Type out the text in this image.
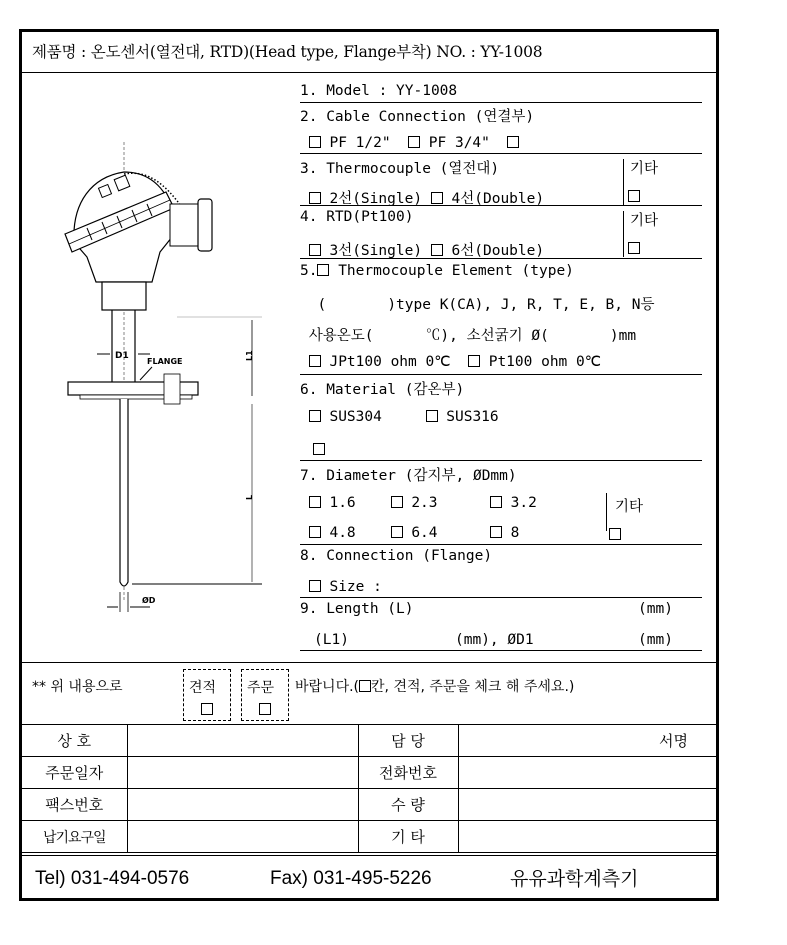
제품명 : 온도센서(열전대, RTD)(Head type, Flange부착) NO. : YY-1008
D1
FLANGE
L1
L
ØD
1. Model : YY-1008
2. Cable Connection (연결부)
PF 1/2"	PF 3/4"
3. Thermocouple (열전대)	기타
2선(Single) 4선(Double)
4. RTD(Pt100)	기타
3선(Single) 6선(Double)
5. Thermocouple Element (type)
(	)type K(CA), J, R, T, E, B, N등
사용온도(	℃), 소선굵기 Ø(	)mm
JPt100 ohm 0℃	Pt100 ohm 0℃
6. Material (감온부)
SUS304	SUS316
7. Diameter (감지부, ØDmm)
1.6	2.3	3.2	기타
4.8	6.4	8
8. Connection (Flange)
Size :
9. Length (L)	(mm)
(L1)	(mm), ØD1	(mm)
** 위 내용으로	견적 주문 바랍니다.( 칸, 견적, 주문을 체크 해 주세요.)
상 호		담 당	서명
주문일자		전화번호	
팩스번호		수 량	
납기요구일		기 타	
Tel) 031-494-0576	Fax) 031-495-5226	유유과학계측기
